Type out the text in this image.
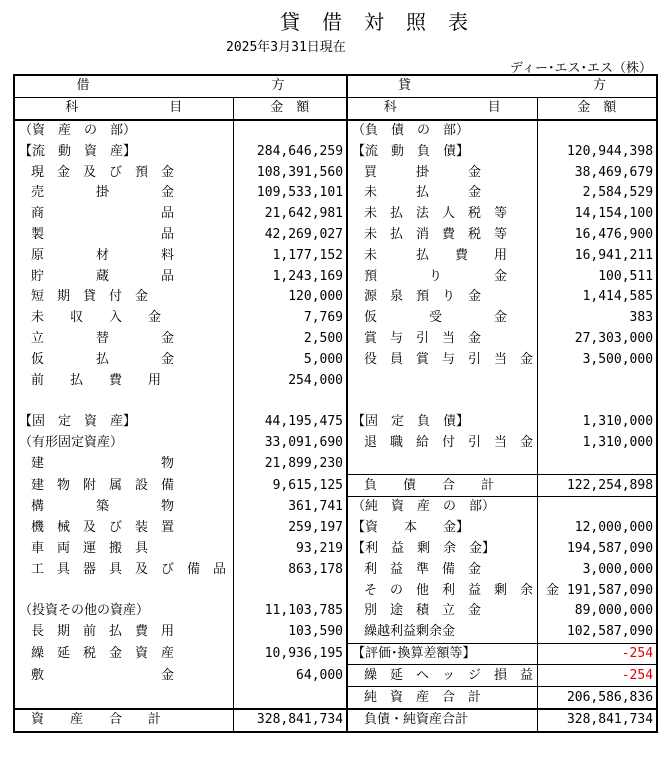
貸借対照表
2025年3月31日現在
ディー･エス･エス（株）
借　　　　　　　　　　　　　　方		貸　　　　　　　　　　　　　　方	
科　　　　　　　目	金　額	科　　　　　　　目	金　額
（資　産　の　部）		（負　債　の　部）	
【流　動　資　産】	284,646,259	【流　動　負　債】	120,944,398
現　金　及　び　預　金	108,391,560	買　　　掛　　　金	38,469,679
売　　　　掛　　　　金	109,533,101	未　　　払　　　金	2,584,529
商　　　　　　　　　品	21,642,981	未　払　法　人　税　等	14,154,100
製　　　　　　　　　品	42,269,027	未　払　消　費　税　等	16,476,900
原　　　　材　　　　料	1,177,152	未　　　払　　費　　用	16,941,211
貯　　　　蔵　　　　品	1,243,169	預　　　　り　　　　金	100,511
短　期　貸　付　金	120,000	源　泉　預　り　金	1,414,585
未　　収　　入　　金	7,769	仮　　　　受　　　　金	383
立　　　　替　　　　金	2,500	賞　与　引　当　金	27,303,000
仮　　　　払　　　　金	5,000	役　員　賞　与　引　当　金	3,500,000
前　　払　　費　　用	254,000		

【固　定　資　産】	44,195,475	【固　定　負　債】	1,310,000
（有形固定資産）	33,091,690	退　職　給　付　引　当　金	1,310,000
建　　　　　　　　　物	21,899,230		
建　物　附　属　設　備	9,615,125	負　　債　　合　　計	122,254,898
構　　　　築　　　　物	361,741	（純　資　産　の　部）	
機　械　及　び　装　置	259,197	【資　　本　　金】	12,000,000
車　両　運　搬　具	93,219	【利　益　剰　余　金】	194,587,090
工　具　器　具　及　び　備　品	863,178	利　益　準　備　金	3,000,000
		そ　の　他　利　益　剰　余　金	191,587,090
（投資その他の資産）	11,103,785	別　途　積　立　金	89,000,000
長　期　前　払　費　用	103,590	繰越利益剰余金	102,587,090
繰　延　税　金　資　産	10,936,195	【評価･換算差額等】	-254
敷　　　　　　　　　金	64,000	繰　延　ヘ　ッ　ジ　損　益	-254
		純　資　産　合　計	206,586,836
資　　産　　合　　計	328,841,734	負債・純資産合計	328,841,734
